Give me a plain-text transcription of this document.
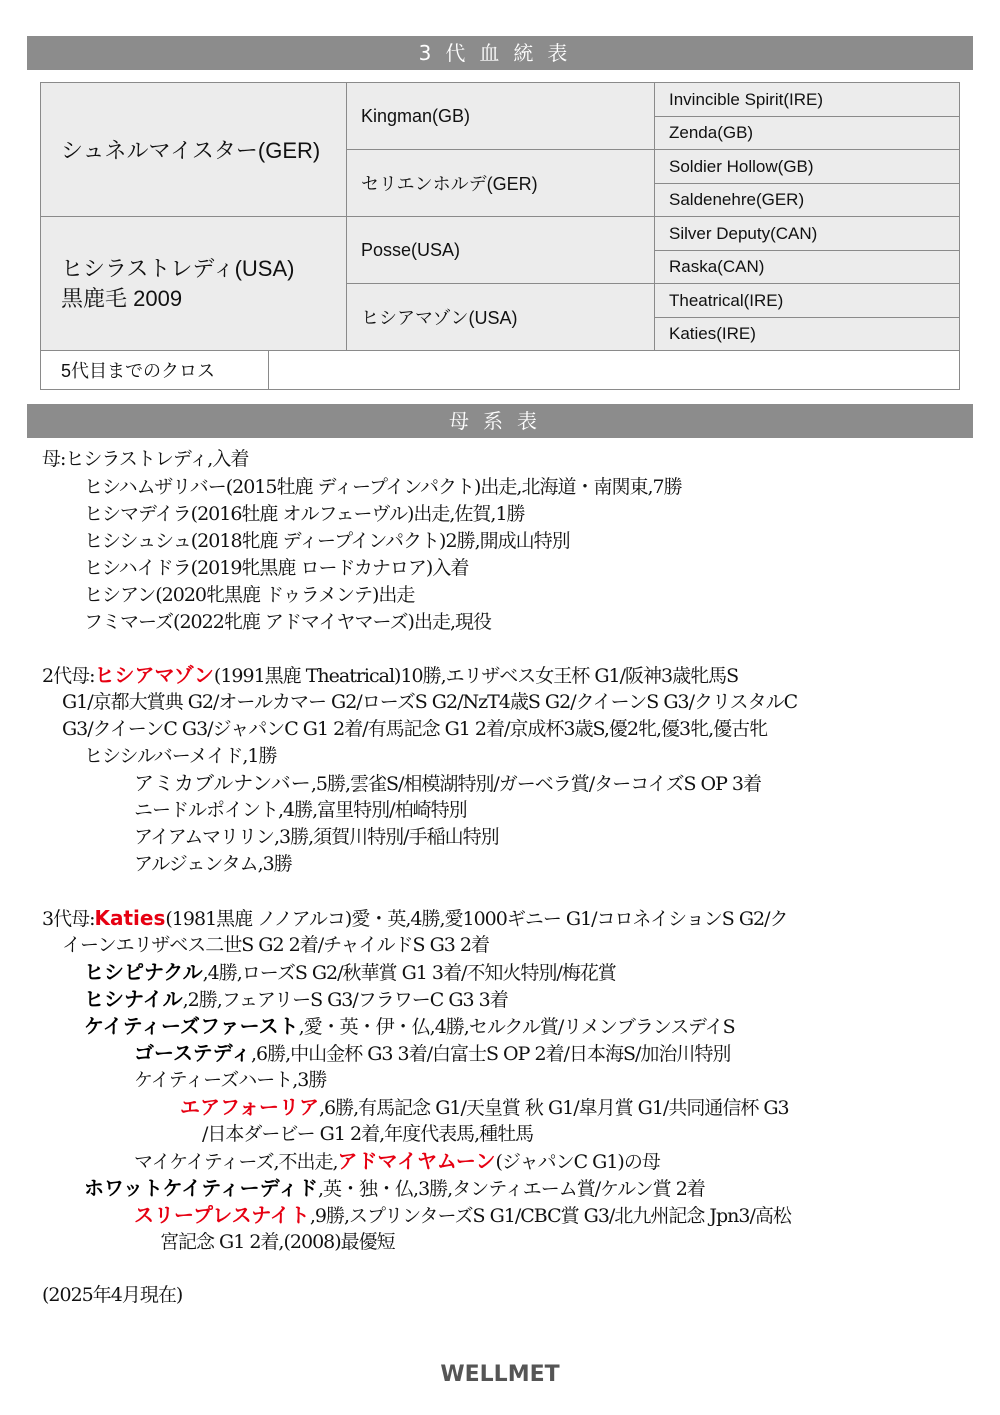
3代血統表
シュネルマイスター(GER)
ヒシラストレディ(USA)
黒鹿毛 2009
Kingman(GB)
セリエンホルデ(GER)
Posse(USA)
ヒシアマゾン(USA)
Invincible Spirit(IRE)
Zenda(GB)
Soldier Hollow(GB)
Saldenehre(GER)
Silver Deputy(CAN)
Raska(CAN)
Theatrical(IRE)
Katies(IRE)
5代目までのクロス
母系表
母:ヒシラストレディ,入着
ヒシハムザリバー(2015牡鹿 ディープインパクト)出走,北海道・南関東,7勝
ヒシマデイラ(2016牡鹿 オルフェーヴル)出走,佐賀,1勝
ヒシシュシュ(2018牝鹿 ディープインパクト)2勝,開成山特別
ヒシハイドラ(2019牝黒鹿 ロードカナロア)入着
ヒシアン(2020牝黒鹿 ドゥラメンテ)出走
フミマーズ(2022牝鹿 アドマイヤマーズ)出走,現役
2代母:ヒシアマゾン(1991黒鹿 Theatrical)10勝,エリザベス女王杯 G1/阪神3歳牝馬S
G1/京都大賞典 G2/オールカマー G2/ローズS G2/NzT4歳S G2/クイーンS G3/クリスタルC
G3/クイーンC G3/ジャパンC G1 2着/有馬記念 G1 2着/京成杯3歳S,優2牝,優3牝,優古牝
ヒシシルバーメイド,1勝
アミカブルナンバー,5勝,雲雀S/相模湖特別/ガーベラ賞/ターコイズS OP 3着
ニードルポイント,4勝,富里特別/柏崎特別
アイアムマリリン,3勝,須賀川特別/手稲山特別
アルジェンタム,3勝
3代母:Katies(1981黒鹿 ノノアルコ)愛・英,4勝,愛1000ギニー G1/コロネイションS G2/ク
イーンエリザベス二世S G2 2着/チャイルドS G3 2着
ヒシピナクル,4勝,ローズS G2/秋華賞 G1 3着/不知火特別/梅花賞
ヒシナイル,2勝,フェアリーS G3/フラワーC G3 3着
ケイティーズファースト,愛・英・伊・仏,4勝,セルクル賞/リメンブランスデイS
ゴーステディ,6勝,中山金杯 G3 3着/白富士S OP 2着/日本海S/加治川特別
ケイティーズハート,3勝
エアフォーリア,6勝,有馬記念 G1/天皇賞 秋 G1/皐月賞 G1/共同通信杯 G3
/日本ダービー G1 2着,年度代表馬,種牡馬
マイケイティーズ,不出走,アドマイヤムーン(ジャパンC G1)の母
ホワットケイティーディド,英・独・仏,3勝,タンティエーム賞/ケルン賞 2着
スリープレスナイト,9勝,スプリンターズS G1/CBC賞 G3/北九州記念 Jpn3/高松
宮記念 G1 2着,(2008)最優短
(2025年4月現在)
WELLMET
